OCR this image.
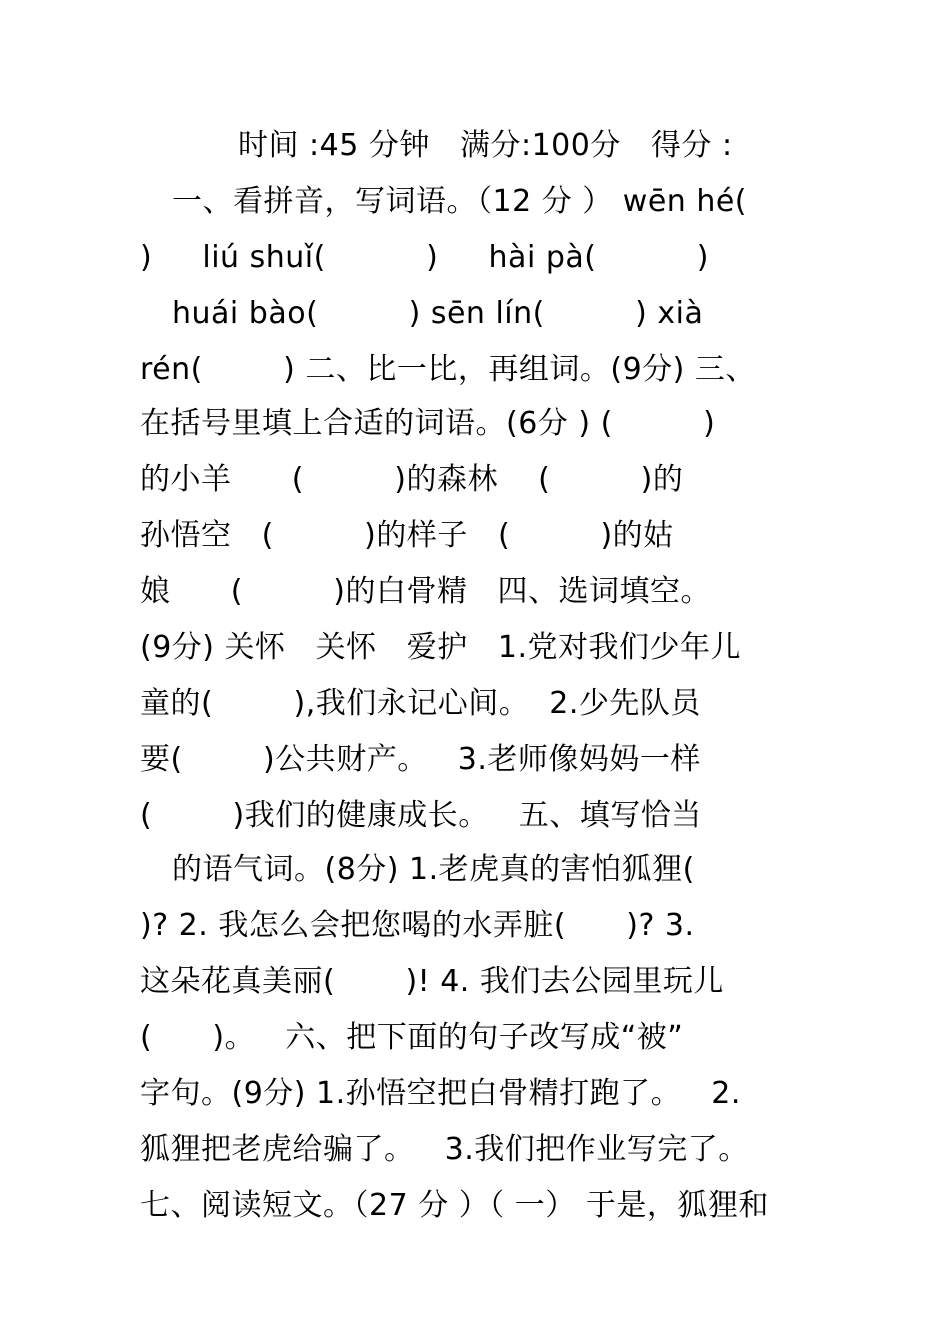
时间 :45 分钟   满分:100分   得分 :
一、看拼音，写词语。（12 分 ） wēn hé(
)     liú shuǐ(          )     hài pà(          )
huái bào(         ) sēn lín(         ) xià
rén(        ) 二、比一比，再组词。(9分) 三、
在括号里填上合适的词语。(6分 ) (         )
的小羊      (         )的森林    (         )的
孙悟空   (         )的样子   (         )的姑
娘      (         )的白骨精   四、选词填空。
(9分) 关怀   关怀   爱护   1.党对我们少年儿
童的(        ),我们永记心间。  2.少先队员
要(        )公共财产。   3.老师像妈妈一样
(        )我们的健康成长。   五、填写恰当
的语气词。(8分) 1.老虎真的害怕狐狸(
)? 2. 我怎么会把您喝的水弄脏(      )? 3.
这朵花真美丽(       )! 4. 我们去公园里玩儿
(      )。   六、把下面的句子改写成“被”
字句。(9分) 1.孙悟空把白骨精打跑了。   2.
狐狸把老虎给骗了。   3.我们把作业写完了。
七、阅读短文。（27 分 ）（ 一） 于是，狐狸和
